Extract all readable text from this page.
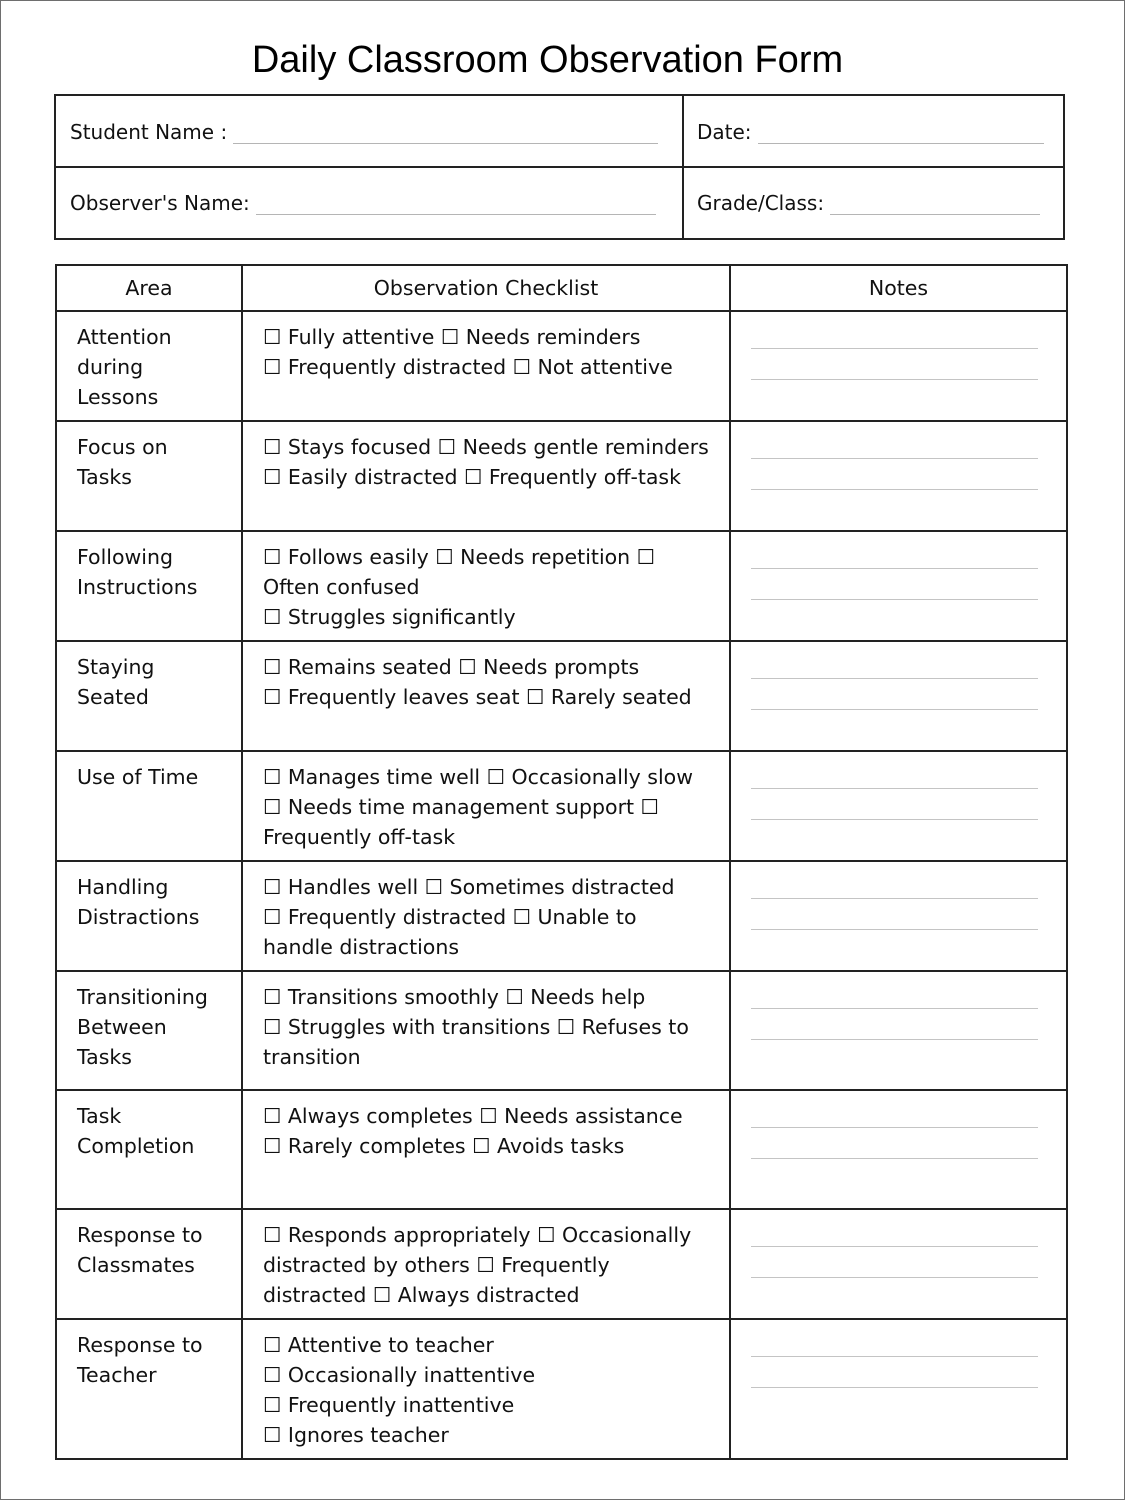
Daily Classroom Observation Form
Student Name :	Date:
Observer's Name:	Grade/Class:
Area	Observation Checklist	Notes

Attention
during
Lessons	☐ Fully attentive ☐ Needs reminders
☐ Frequently distracted ☐ Not attentive	

Focus on
Tasks	☐ Stays focused ☐ Needs gentle reminders
☐ Easily distracted ☐ Frequently off-task	

Following
Instructions	☐ Follows easily ☐ Needs repetition ☐
Often confused
☐ Struggles significantly	

Staying
Seated	☐ Remains seated ☐ Needs prompts
☐ Frequently leaves seat ☐ Rarely seated	

Use of Time	☐ Manages time well ☐ Occasionally slow
☐ Needs time management support ☐
Frequently off-task	

Handling
Distractions	☐ Handles well ☐ Sometimes distracted
☐ Frequently distracted ☐ Unable to
handle distractions	

Transitioning
Between
Tasks	☐ Transitions smoothly ☐ Needs help
☐ Struggles with transitions ☐ Refuses to
transition	

Task
Completion	☐ Always completes ☐ Needs assistance
☐ Rarely completes ☐ Avoids tasks	

Response to
Classmates	☐ Responds appropriately ☐ Occasionally
distracted by others ☐ Frequently
distracted ☐ Always distracted	

Response to
Teacher	☐ Attentive to teacher
☐ Occasionally inattentive
☐ Frequently inattentive
☐ Ignores teacher	
